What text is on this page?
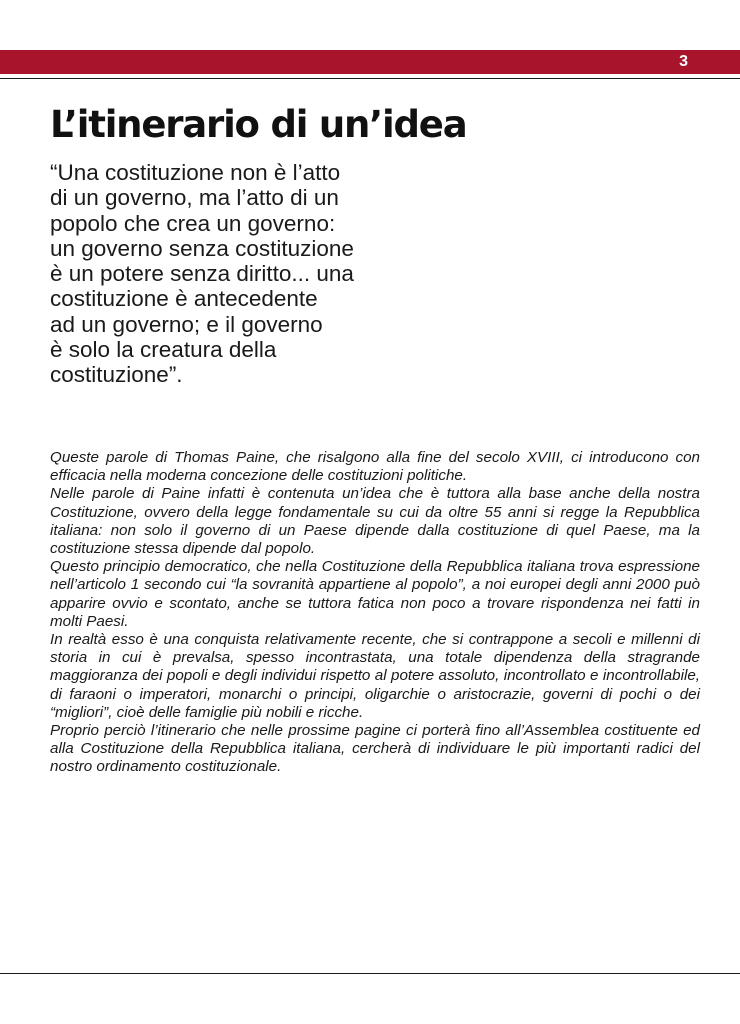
3
L’itinerario di un’idea
“Una costituzione non è l’atto
di un governo, ma l’atto di un
popolo che crea un governo:
un governo senza costituzione
è un potere senza diritto... una
costituzione è antecedente
ad un governo; e il governo
è solo la creatura della
costituzione”.

Queste parole di Thomas Paine, che risalgono alla fine del secolo XVIII, ci introducono con efficacia nella moderna concezione delle costituzioni politiche.

Nelle parole di Paine infatti è contenuta un’idea che è tuttora alla base anche della nostra Costituzione, ovvero della legge fondamentale su cui da oltre 55 anni si regge la Repubblica italiana: non solo il governo di un Paese dipende dalla costituzione di quel Paese, ma la costituzione stessa dipende dal popolo.

Questo principio democratico, che nella Costituzione della Repubblica italiana trova espressione nell’articolo 1 secondo cui “la sovranità appartiene al popolo”, a noi europei degli anni 2000 può apparire ovvio e scontato, anche se tuttora fatica non poco a trovare rispondenza nei fatti in molti Paesi.

In realtà esso è una conquista relativamente recente, che si contrappone a secoli e millenni di storia in cui è prevalsa, spesso incontrastata, una totale dipendenza della stragrande maggioranza dei popoli e degli individui rispetto al potere assoluto, incontrollato e incontrollabile, di faraoni o imperatori, monarchi o principi, oligarchie o aristocrazie, governi di pochi o dei “migliori”, cioè delle famiglie più nobili e ricche.

Proprio perciò l’itinerario che nelle prossime pagine ci porterà fino all’Assemblea costituente ed alla Costituzione della Repubblica italiana, cercherà di individuare le più importanti radici del nostro ordinamento costituzionale.
